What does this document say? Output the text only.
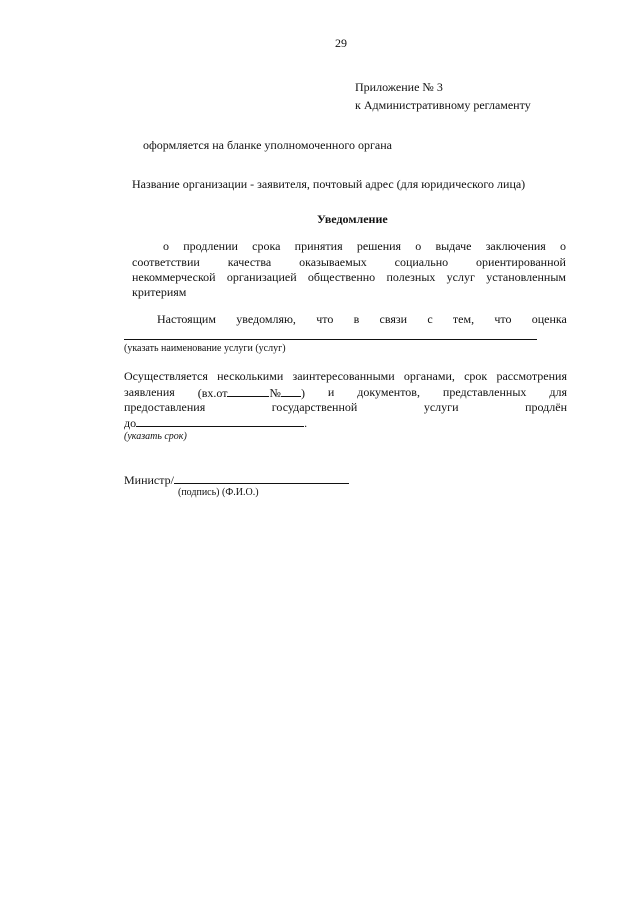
29
Приложение № 3
к Административному регламенту
оформляется на бланке уполномоченного органа
Название организации - заявителя, почтовый адрес (для юридического лица)
Уведомление
о продлении срока принятия решения о выдаче заключения о
соответствии качества оказываемых социально ориентированной
некоммерческой организацией общественно полезных услуг установленным
критериям
Настоящим уведомляю, что в связи с тем, что оценка
(указать наименование услуги (услуг)
Осуществляется несколькими заинтересованными органами, срок рассмотрения
заявления (вх.от	№ ) и документов, представленных для
предоставления	государственной	услуги	продлён
до	.
(указать срок)
Министр/
(подпись) (Ф.И.О.)
